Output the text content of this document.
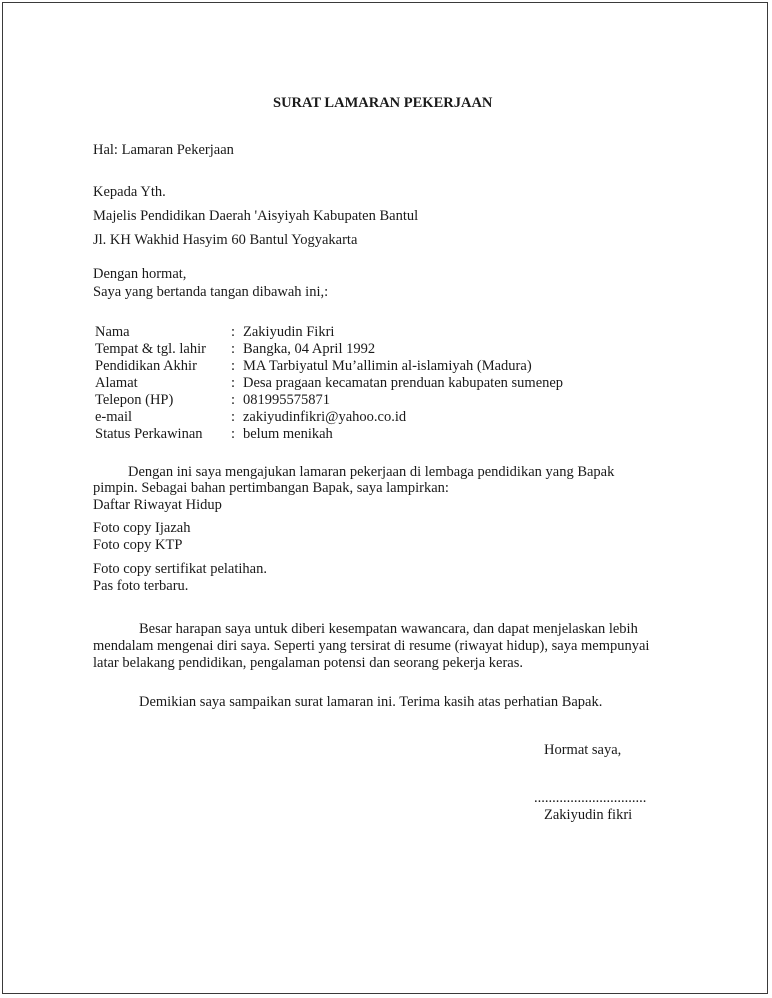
SURAT LAMARAN PEKERJAAN
Hal: Lamaran Pekerjaan
Kepada Yth.
Majelis Pendidikan Daerah 'Aisyiyah Kabupaten Bantul
Jl. KH Wakhid Hasyim 60 Bantul Yogyakarta
Dengan hormat,
Saya yang bertanda tangan dibawah ini,:
Nama	: Zakiyudin Fikri
Tempat & tgl. lahir : Bangka, 04 April 1992
Pendidikan Akhir : MA Tarbiyatul Mu’allimin al-islamiyah (Madura)
Alamat	: Desa pragaan kecamatan prenduan kabupaten sumenep
Telepon (HP)	: 081995575871
e-mail	: zakiyudinfikri@yahoo.co.id
Status Perkawinan : belum menikah
Dengan ini saya mengajukan lamaran pekerjaan di lembaga pendidikan yang Bapak
pimpin. Sebagai bahan pertimbangan Bapak, saya lampirkan:
Daftar Riwayat Hidup
Foto copy Ijazah
Foto copy KTP
Foto copy sertifikat pelatihan.
Pas foto terbaru.
Besar harapan saya untuk diberi kesempatan wawancara, dan dapat menjelaskan lebih
mendalam mengenai diri saya. Seperti yang tersirat di resume (riwayat hidup), saya mempunyai
latar belakang pendidikan, pengalaman potensi dan seorang pekerja keras.
Demikian saya sampaikan surat lamaran ini. Terima kasih atas perhatian Bapak.
Hormat saya,
...............................
Zakiyudin fikri
